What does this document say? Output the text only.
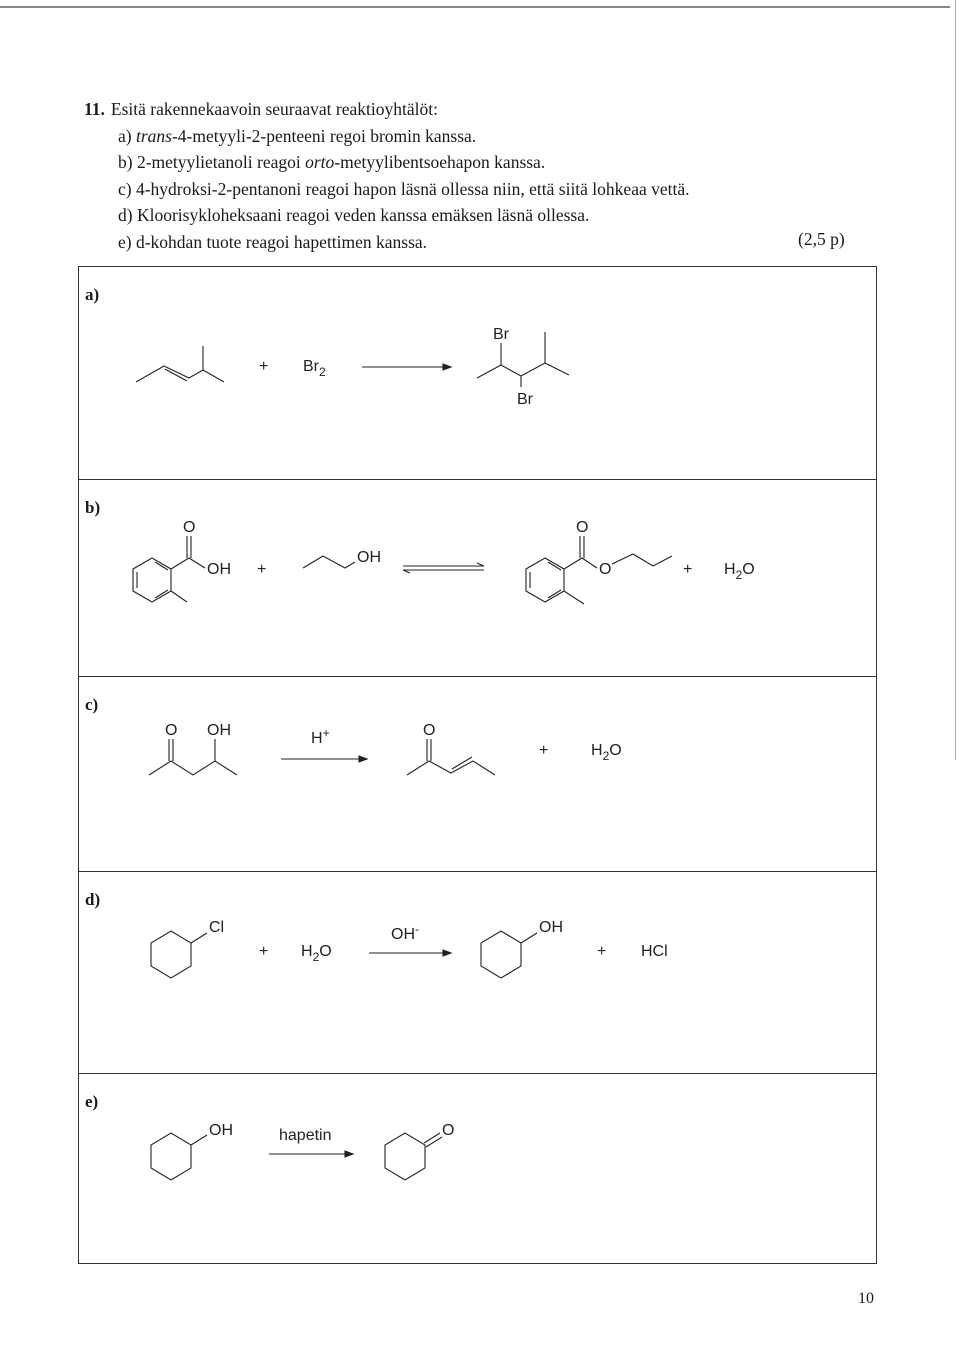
11. Esitä rakennekaavoin seuraavat reaktioyhtälöt:
a) trans-4-metyyli-2-penteeni regoi bromin kanssa.
b) 2-metyylietanoli reagoi orto-metyylibentsoehapon kanssa.
c) 4-hydroksi-2-pentanoni reagoi hapon läsnä ollessa niin, että siitä lohkeaa vettä.
d) Kloorisykloheksaani reagoi veden kanssa emäksen läsnä ollessa.
e) d-kohdan tuote reagoi hapettimen kanssa.	(2,5 p)
a)
+ $Br_2$
Br
Br
b)
O
OH +
OH
O
O	+ $H_2O$
c)
O OH	H+	O
+	$H_2O$
d)
Cl
+ $H_2O$
OH-	OH
+ HCl
e)
OH	hapetin	O
10
